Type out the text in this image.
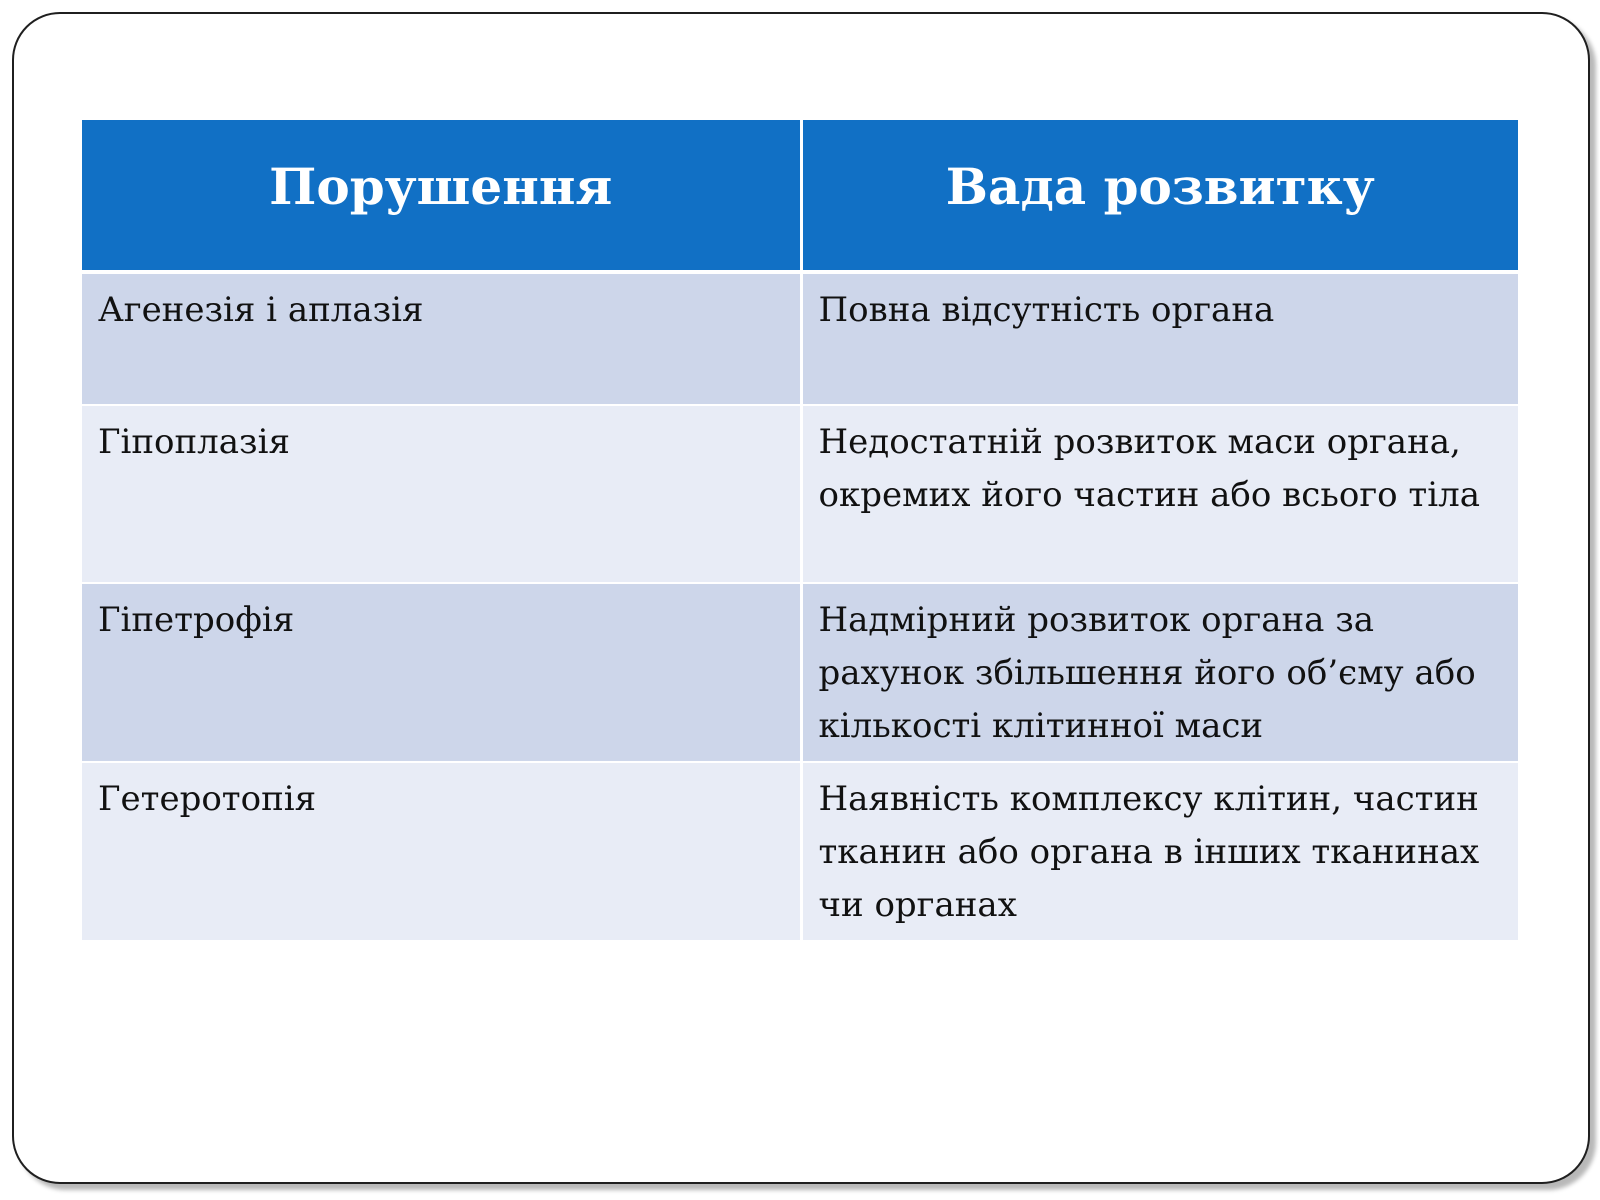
Порушення	Вада розвитку
Агенезія і аплазія	Повна відсутність органа
Гіпоплазія	Недостатній розвиток маси органа, окремих його частин або всього тіла
Гіпетрофія	Надмірний розвиток органа за рахунок збільшення його об’єму або кількості клітинної маси
Гетеротопія	Наявність комплексу клітин, частин тканин або органа в інших тканинах чи органах
